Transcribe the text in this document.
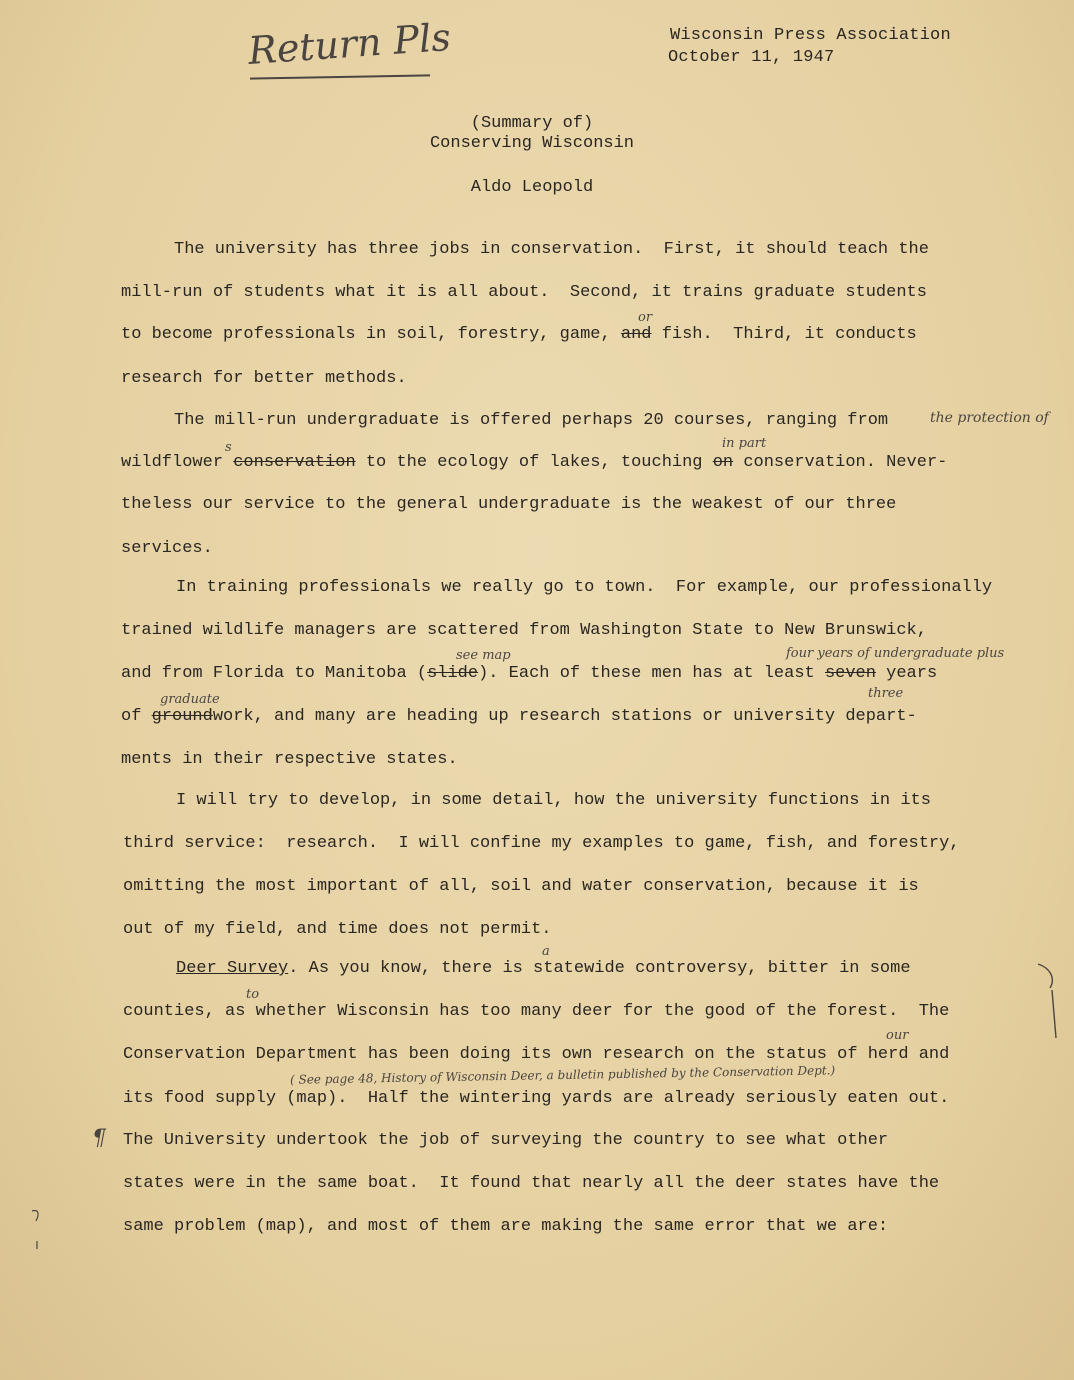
Return Pls	Wisconsin Press Association
October 11, 1947
(Summary of)
Conserving Wisconsin
Aldo Leopold
The university has three jobs in conservation.  First, it should teach the
mill-run of students what it is all about.  Second, it trains graduate students
to become professionals in soil, forestry, game, and fish.  Third, it conducts
or
research for better methods.
The mill-run undergraduate is offered perhaps 20 courses, ranging from	the protection of
wildflower conservation to the ecology of lakes, touching on conservation. Never-
s	in part
theless our service to the general undergraduate is the weakest of our three
services.
In training professionals we really go to town.  For example, our professionally
trained wildlife managers are scattered from Washington State to New Brunswick,
and from Florida to Manitoba (slide). Each of these men has at least seven years
see map	four years of undergraduate plus
three
of groundwork, and many are heading up research stations or university depart-
graduate
ments in their respective states.
I will try to develop, in some detail, how the university functions in its
third service:  research.  I will confine my examples to game, fish, and forestry,
omitting the most important of all, soil and water conservation, because it is
out of my field, and time does not permit.
Deer Survey. As you know, there is statewide controversy, bitter in some
a
counties, as whether Wisconsin has too many deer for the good of the forest.  The
to
Conservation Department has been doing its own research on the status of herd and
our
( See page 48, History of Wisconsin Deer, a bulletin published by the Conservation Dept.)
its food supply (map).  Half the wintering yards are already seriously eaten out.
¶ The University undertook the job of surveying the country to see what other
states were in the same boat.  It found that nearly all the deer states have the
same problem (map), and most of them are making the same error that we are:
